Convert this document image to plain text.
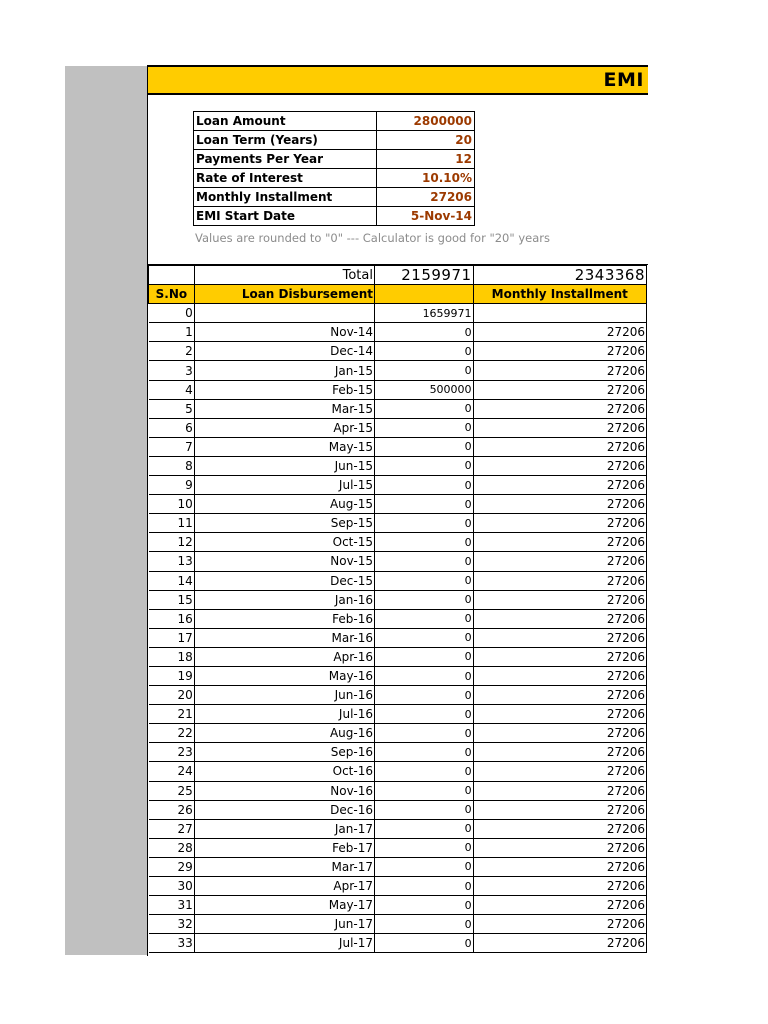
EMI
Loan Amount	2800000
Loan Term (Years)	20
Payments Per Year	12
Rate of Interest	10.10%
Monthly Installment	27206
EMI Start Date	5-Nov-14
Values are rounded to "0" --- Calculator is good for "20" years
	Total	2159971	2343368
S.No	Loan Disbursement		Monthly Installment
0		1659971	
1	Nov-14	0	27206
2	Dec-14	0	27206
3	Jan-15	0	27206
4	Feb-15	500000	27206
5	Mar-15	0	27206
6	Apr-15	0	27206
7	May-15	0	27206
8	Jun-15	0	27206
9	Jul-15	0	27206
10	Aug-15	0	27206
11	Sep-15	0	27206
12	Oct-15	0	27206
13	Nov-15	0	27206
14	Dec-15	0	27206
15	Jan-16	0	27206
16	Feb-16	0	27206
17	Mar-16	0	27206
18	Apr-16	0	27206
19	May-16	0	27206
20	Jun-16	0	27206
21	Jul-16	0	27206
22	Aug-16	0	27206
23	Sep-16	0	27206
24	Oct-16	0	27206
25	Nov-16	0	27206
26	Dec-16	0	27206
27	Jan-17	0	27206
28	Feb-17	0	27206
29	Mar-17	0	27206
30	Apr-17	0	27206
31	May-17	0	27206
32	Jun-17	0	27206
33	Jul-17	0	27206
